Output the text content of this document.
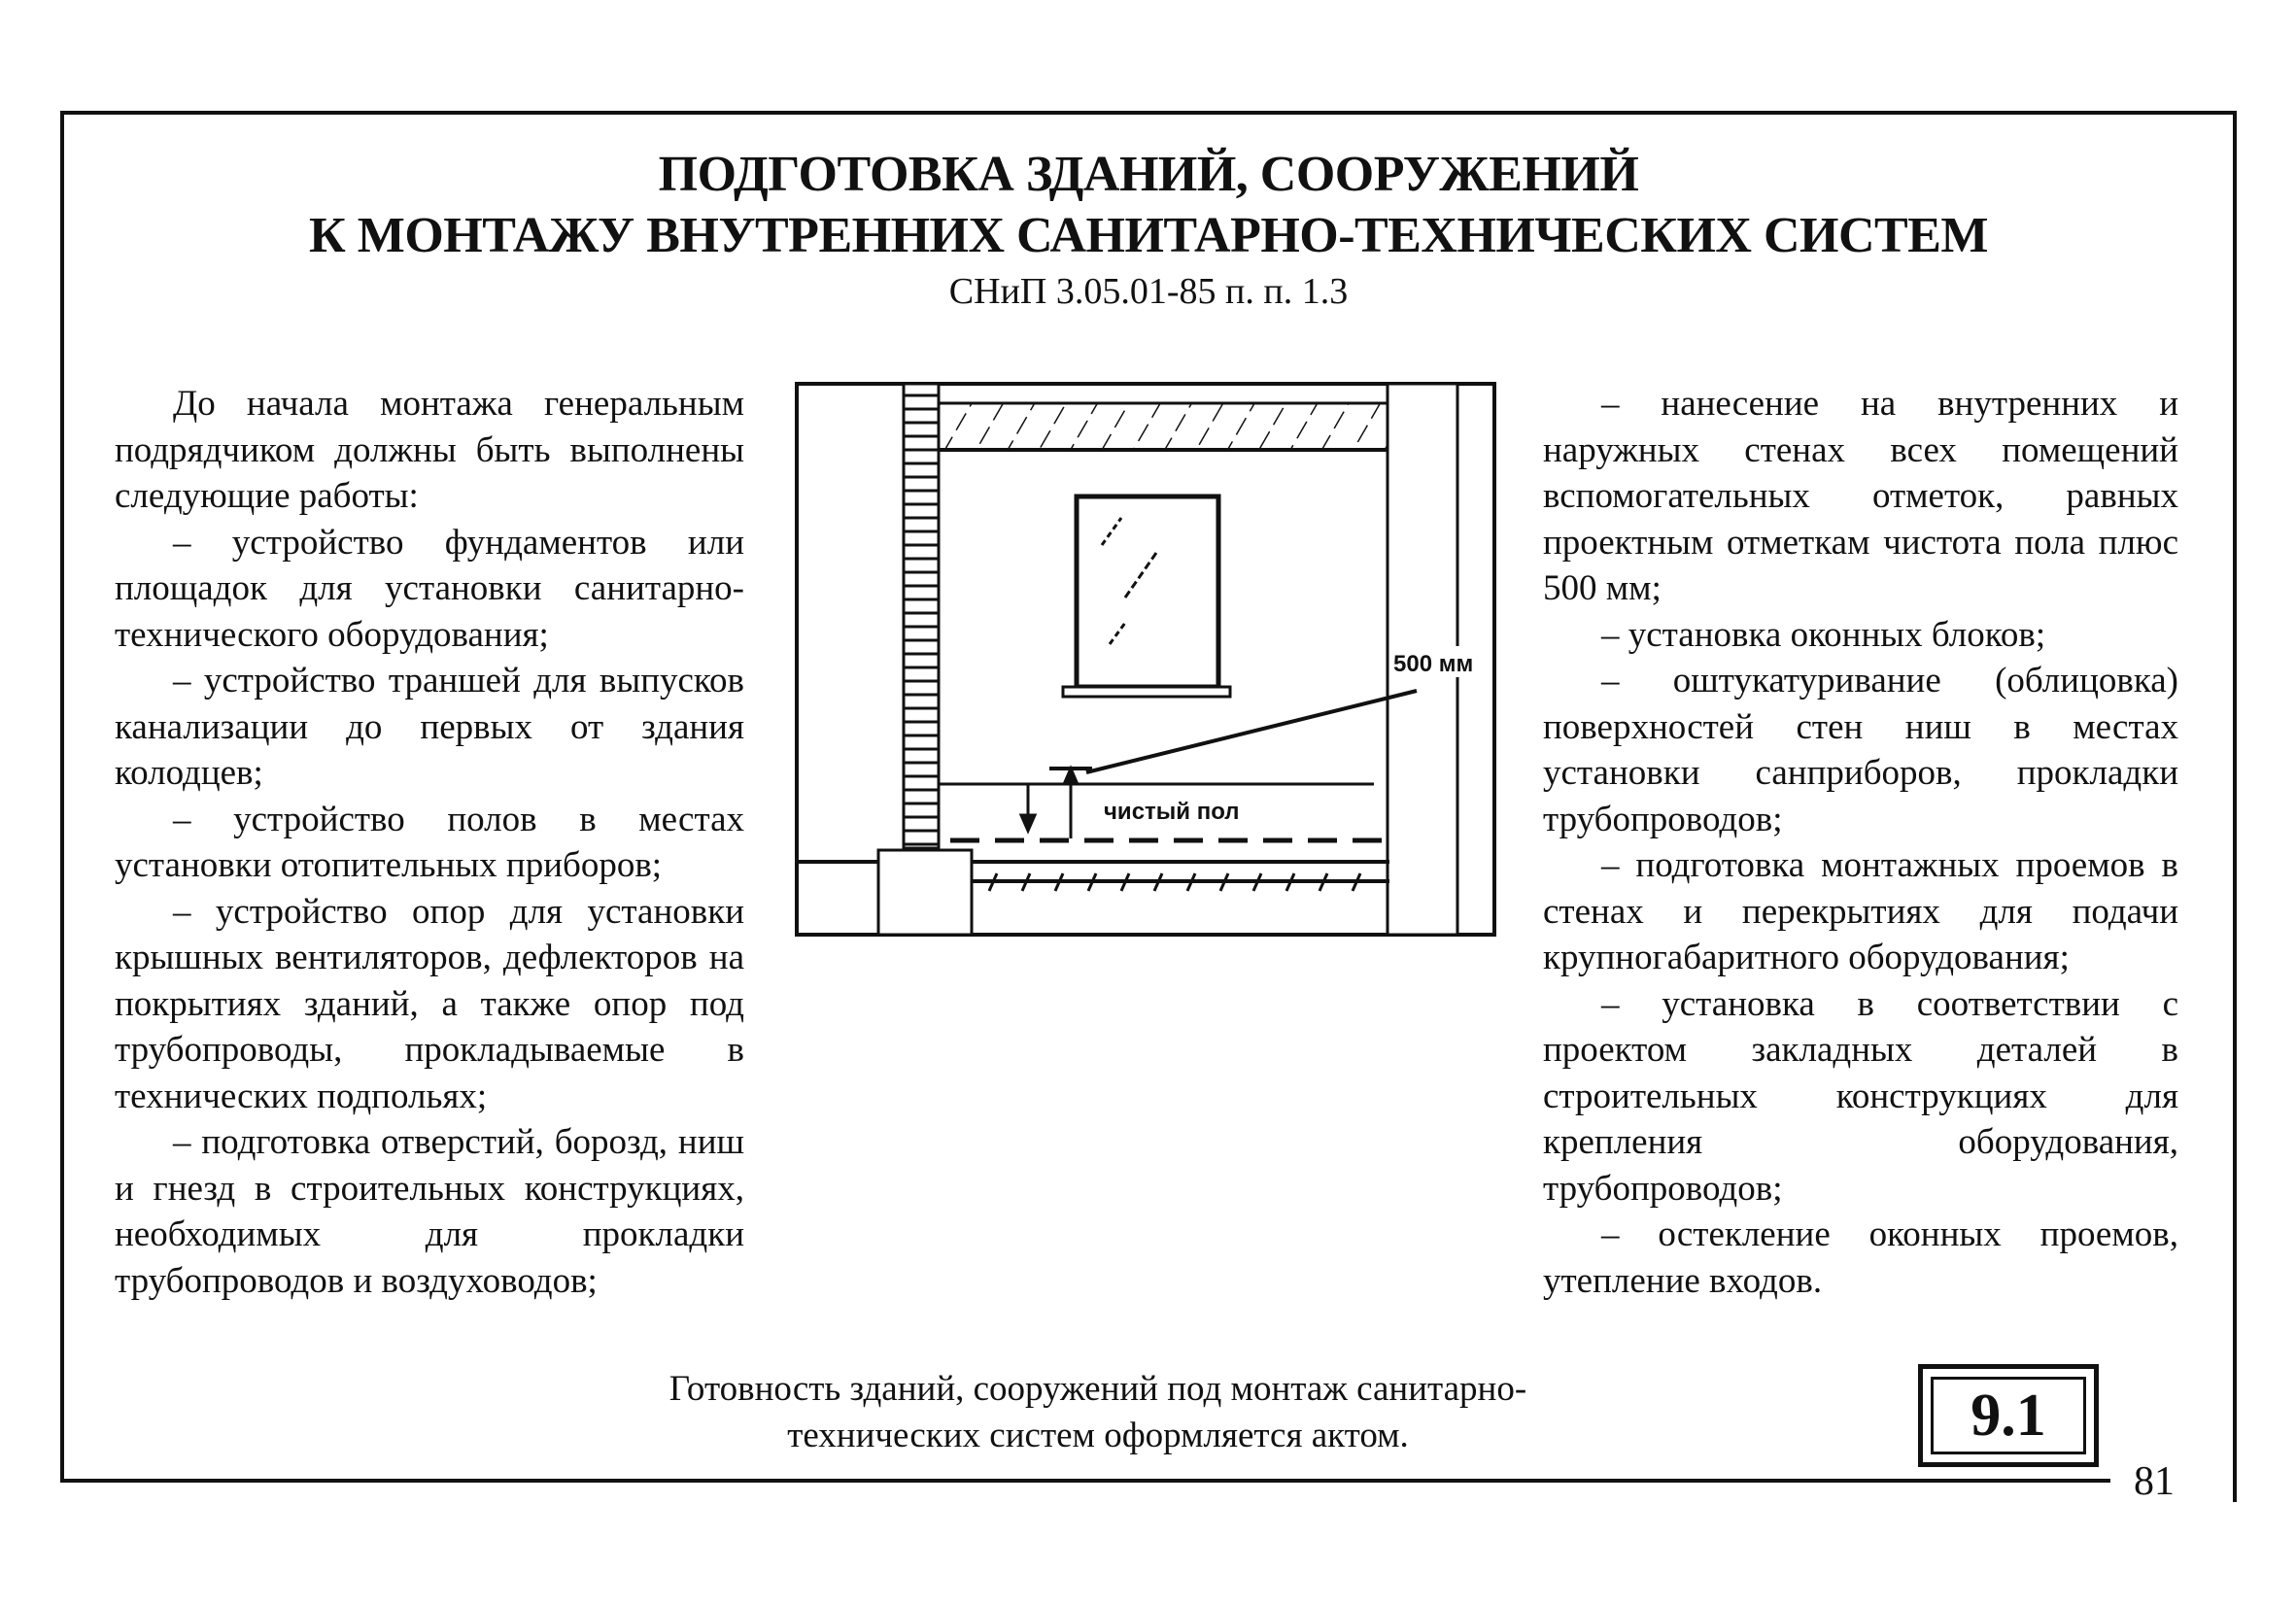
ПОДГОТОВКА ЗДАНИЙ, СООРУЖЕНИЙ
К МОНТАЖУ ВНУТРЕННИХ САНИТАРНО-ТЕХНИЧЕСКИХ СИСТЕМ

СНиП 3.05.01-85 п. п. 1.3

До начала монтажа генеральным подрядчиком должны быть выполнены следующие работы:

– устройство фундаментов или площадок для установки санитарно-технического оборудования;

– устройство траншей для выпусков канализации до первых от здания колодцев;

– устройство полов в местах установки отопительных приборов;

– устройство опор для установки крышных вентиляторов, дефлекторов на покрытиях зданий, а также опор под трубопроводы, прокладываемые в технических подпольях;

– подготовка отверстий, борозд, ниш и гнезд в строительных конструкциях, необходимых для прокладки трубопроводов и воздуховодов;

500 мм
чистый пол

– нанесение на внутренних и наружных стенах всех помещений вспомогательных отметок, равных проектным отметкам чистота пола плюс 500 мм;

– установка оконных блоков;

– оштукатуривание (облицовка) поверхностей стен ниш в местах установки санприборов, прокладки трубопроводов;

– подготовка монтажных проемов в стенах и перекрытиях для подачи крупногабаритного оборудования;

– установка в соответствии с проектом закладных деталей в строительных конструкциях для крепления оборудования, трубопроводов;

– остекление оконных проемов, утепление входов.

Готовность зданий, сооружений под монтаж санитарно-
технических систем оформляется актом.	9.1
81
